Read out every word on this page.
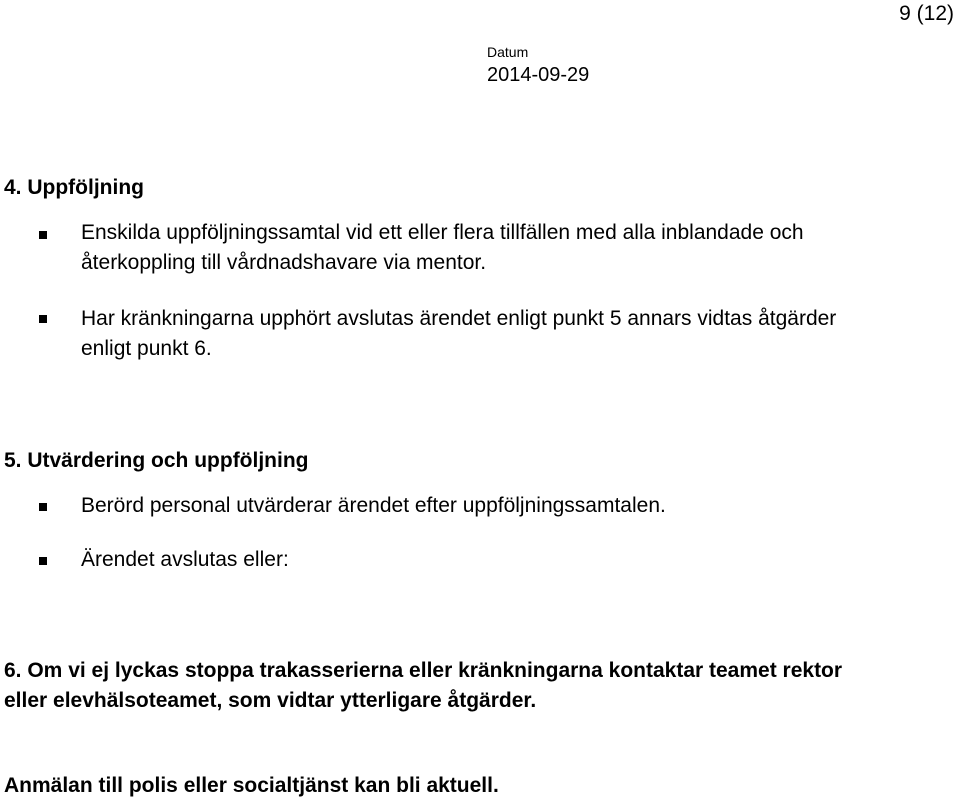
9 (12)
Datum
2014-09-29
4. Uppföljning
Enskilda uppföljningssamtal vid ett eller flera tillfällen med alla inblandade och återkoppling till vårdnadshavare via mentor.
Har kränkningarna upphört avslutas ärendet enligt punkt 5 annars vidtas åtgärder enligt punkt 6.
5. Utvärdering och uppföljning
Berörd personal utvärderar ärendet efter uppföljningssamtalen.
Ärendet avslutas eller:
6. Om vi ej lyckas stoppa trakasserierna eller kränkningarna kontaktar teamet rektor eller elevhälsoteamet, som vidtar ytterligare åtgärder.
Anmälan till polis eller socialtjänst kan bli aktuell.
